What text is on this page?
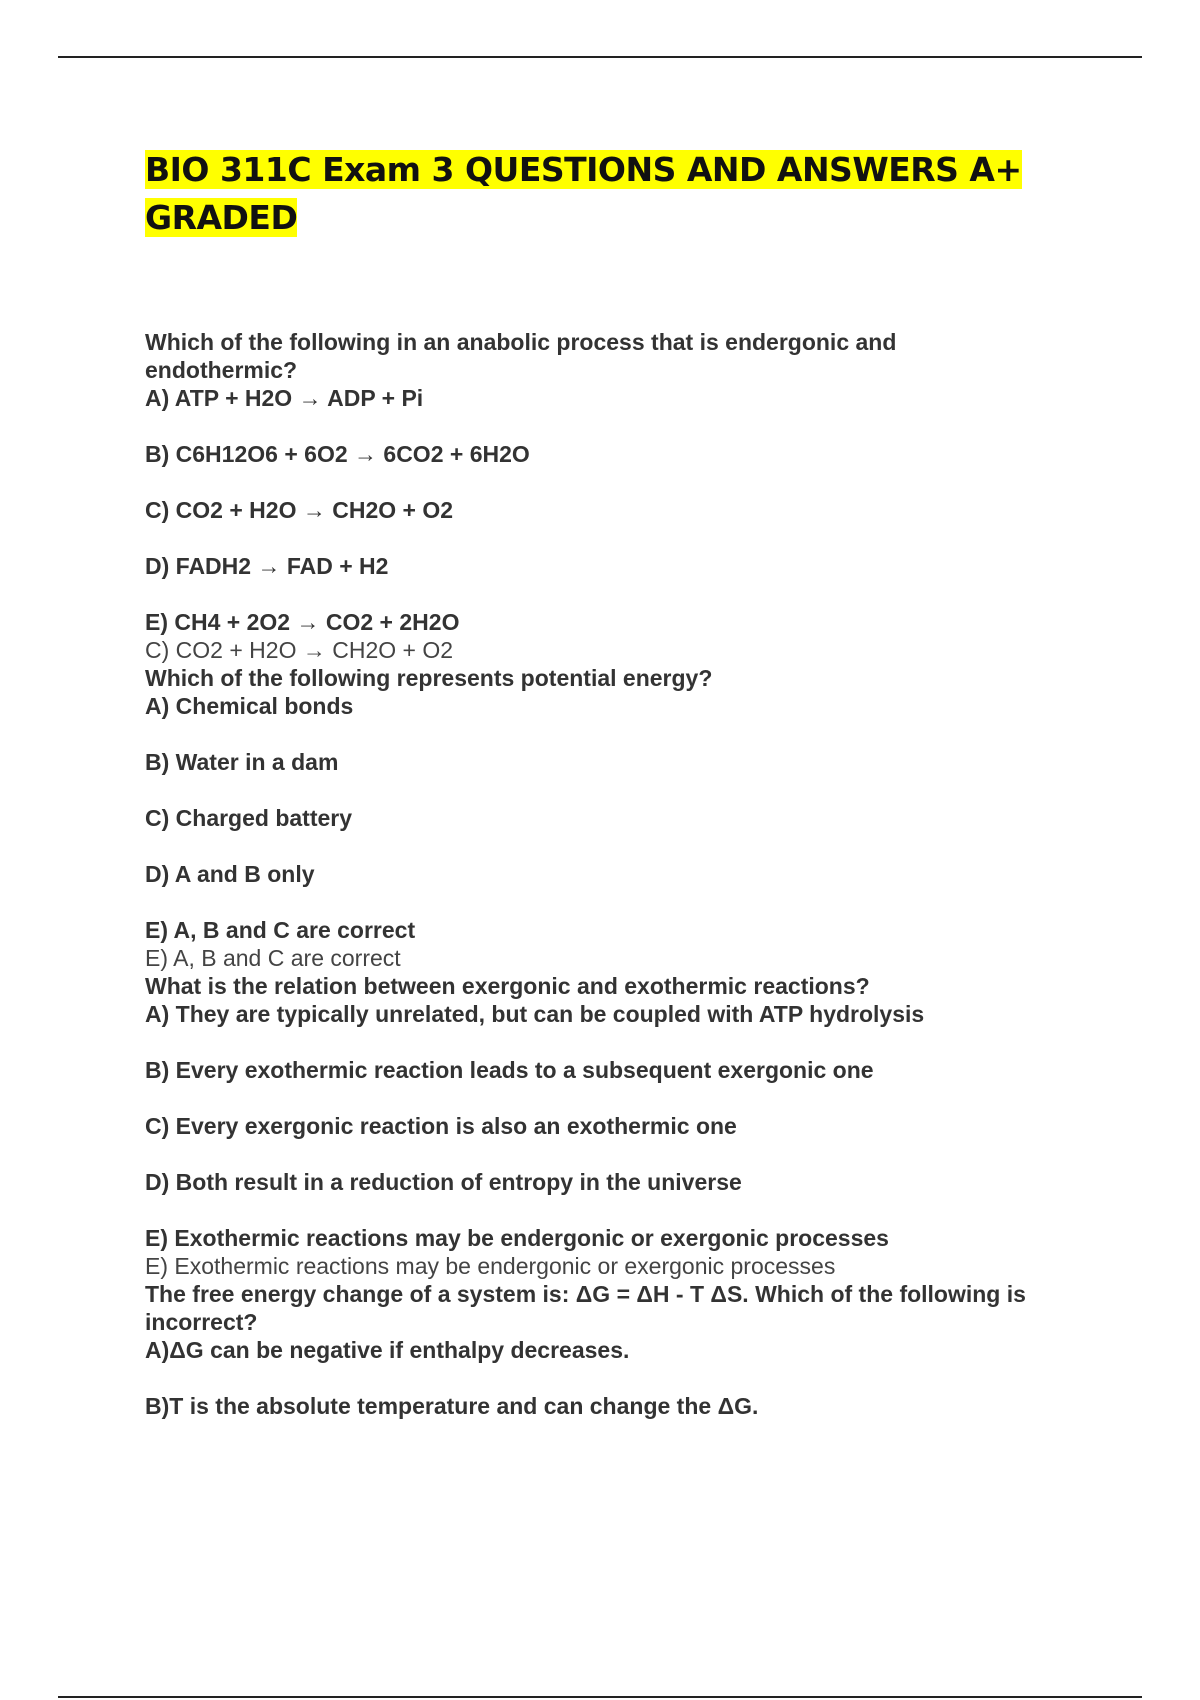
BIO 311C Exam 3 QUESTIONS AND ANSWERS A+
GRADED
Which of the following in an anabolic process that is endergonic and
endothermic?
A) ATP + H2O → ADP + Pi
B) C6H12O6 + 6O2 → 6CO2 + 6H2O
C) CO2 + H2O → CH2O + O2
D) FADH2 → FAD + H2
E) CH4 + 2O2 → CO2 + 2H2O
C) CO2 + H2O → CH2O + O2
Which of the following represents potential energy?
A) Chemical bonds
B) Water in a dam
C) Charged battery
D) A and B only
E) A, B and C are correct
E) A, B and C are correct
What is the relation between exergonic and exothermic reactions?
A) They are typically unrelated, but can be coupled with ATP hydrolysis
B) Every exothermic reaction leads to a subsequent exergonic one
C) Every exergonic reaction is also an exothermic one
D) Both result in a reduction of entropy in the universe
E) Exothermic reactions may be endergonic or exergonic processes
E) Exothermic reactions may be endergonic or exergonic processes
The free energy change of a system is: ΔG = ΔH - T ΔS. Which of the following is
incorrect?
A)ΔG can be negative if enthalpy decreases.
B)T is the absolute temperature and can change the ΔG.
